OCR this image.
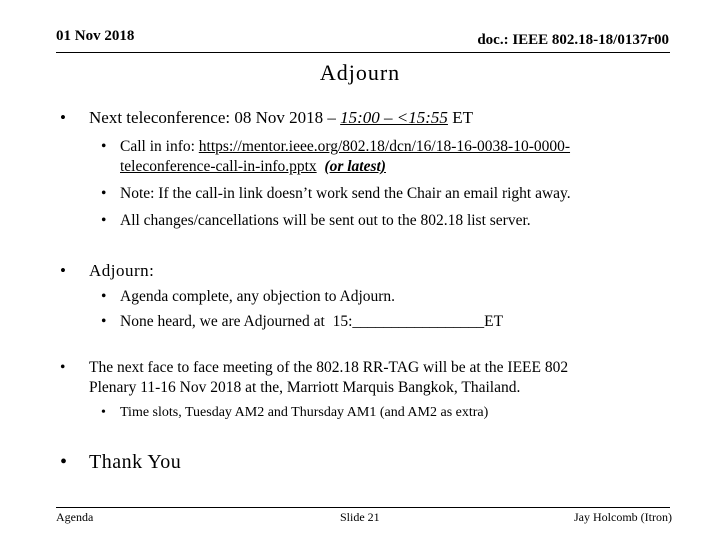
01 Nov 2018	doc.: IEEE 802.18-18/0137r00
Adjourn
• Next teleconference: 08 Nov 2018 – 15:00 – <15:55 ET
• Call in info: https://mentor.ieee.org/802.18/dcn/16/18-16-0038-10-0000-
teleconference-call-in-info.pptx (or latest)
• Note: If the call-in link doesn’t work send the Chair an email right away.
• All changes/cancellations will be sent out to the 802.18 list server.
• Adjourn:
• Agenda complete, any objection to Adjourn.
• None heard, we are Adjourned at  15:_________________ET
• The next face to face meeting of the 802.18 RR-TAG will be at the IEEE 802
Plenary 11-16 Nov 2018 at the, Marriott Marquis Bangkok, Thailand.
• Time slots, Tuesday AM2 and Thursday AM1 (and AM2 as extra)
• Thank You
Agenda	Slide 21	Jay Holcomb (Itron)
